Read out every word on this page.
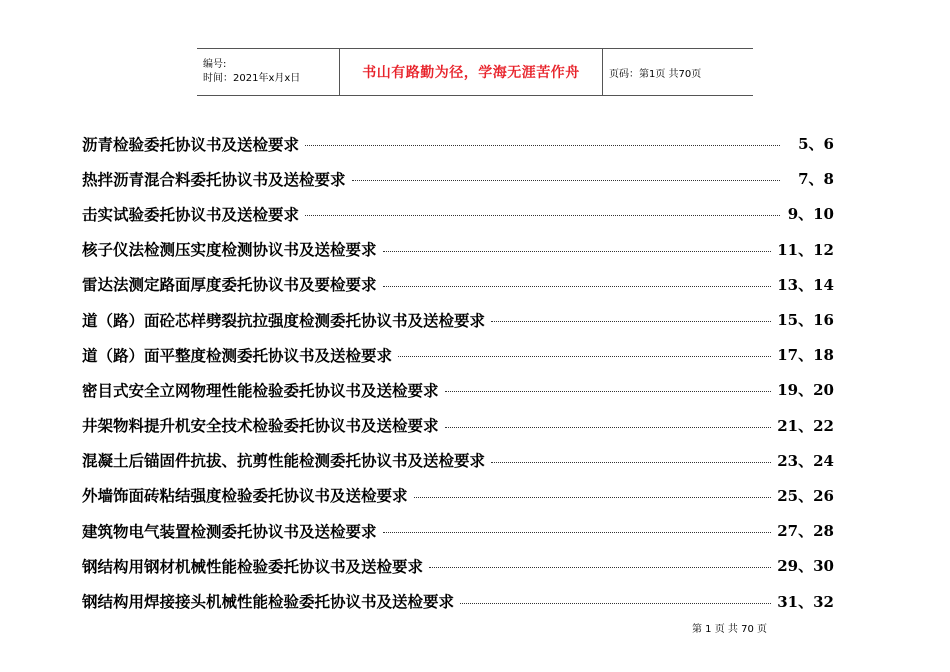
编号:
时间：2021年x月x日	书山有路勤为径，学海无涯苦作舟	页码：第1页 共70页
沥青检验委托协议书及送检要求	5、6
热拌沥青混合料委托协议书及送检要求	7、8
击实试验委托协议书及送检要求	9、10
核子仪法检测压实度检测协议书及送检要求	11、12
雷达法测定路面厚度委托协议书及要检要求	13、14
道（路）面砼芯样劈裂抗拉强度检测委托协议书及送检要求	15、16
道（路）面平整度检测委托协议书及送检要求	17、18
密目式安全立网物理性能检验委托协议书及送检要求	19、20
井架物料提升机安全技术检验委托协议书及送检要求	21、22
混凝土后锚固件抗拔、抗剪性能检测委托协议书及送检要求	23、24
外墙饰面砖粘结强度检验委托协议书及送检要求	25、26
建筑物电气装置检测委托协议书及送检要求	27、28
钢结构用钢材机械性能检验委托协议书及送检要求	29、30
钢结构用焊接接头机械性能检验委托协议书及送检要求	31、32
第 1 页 共 70 页
